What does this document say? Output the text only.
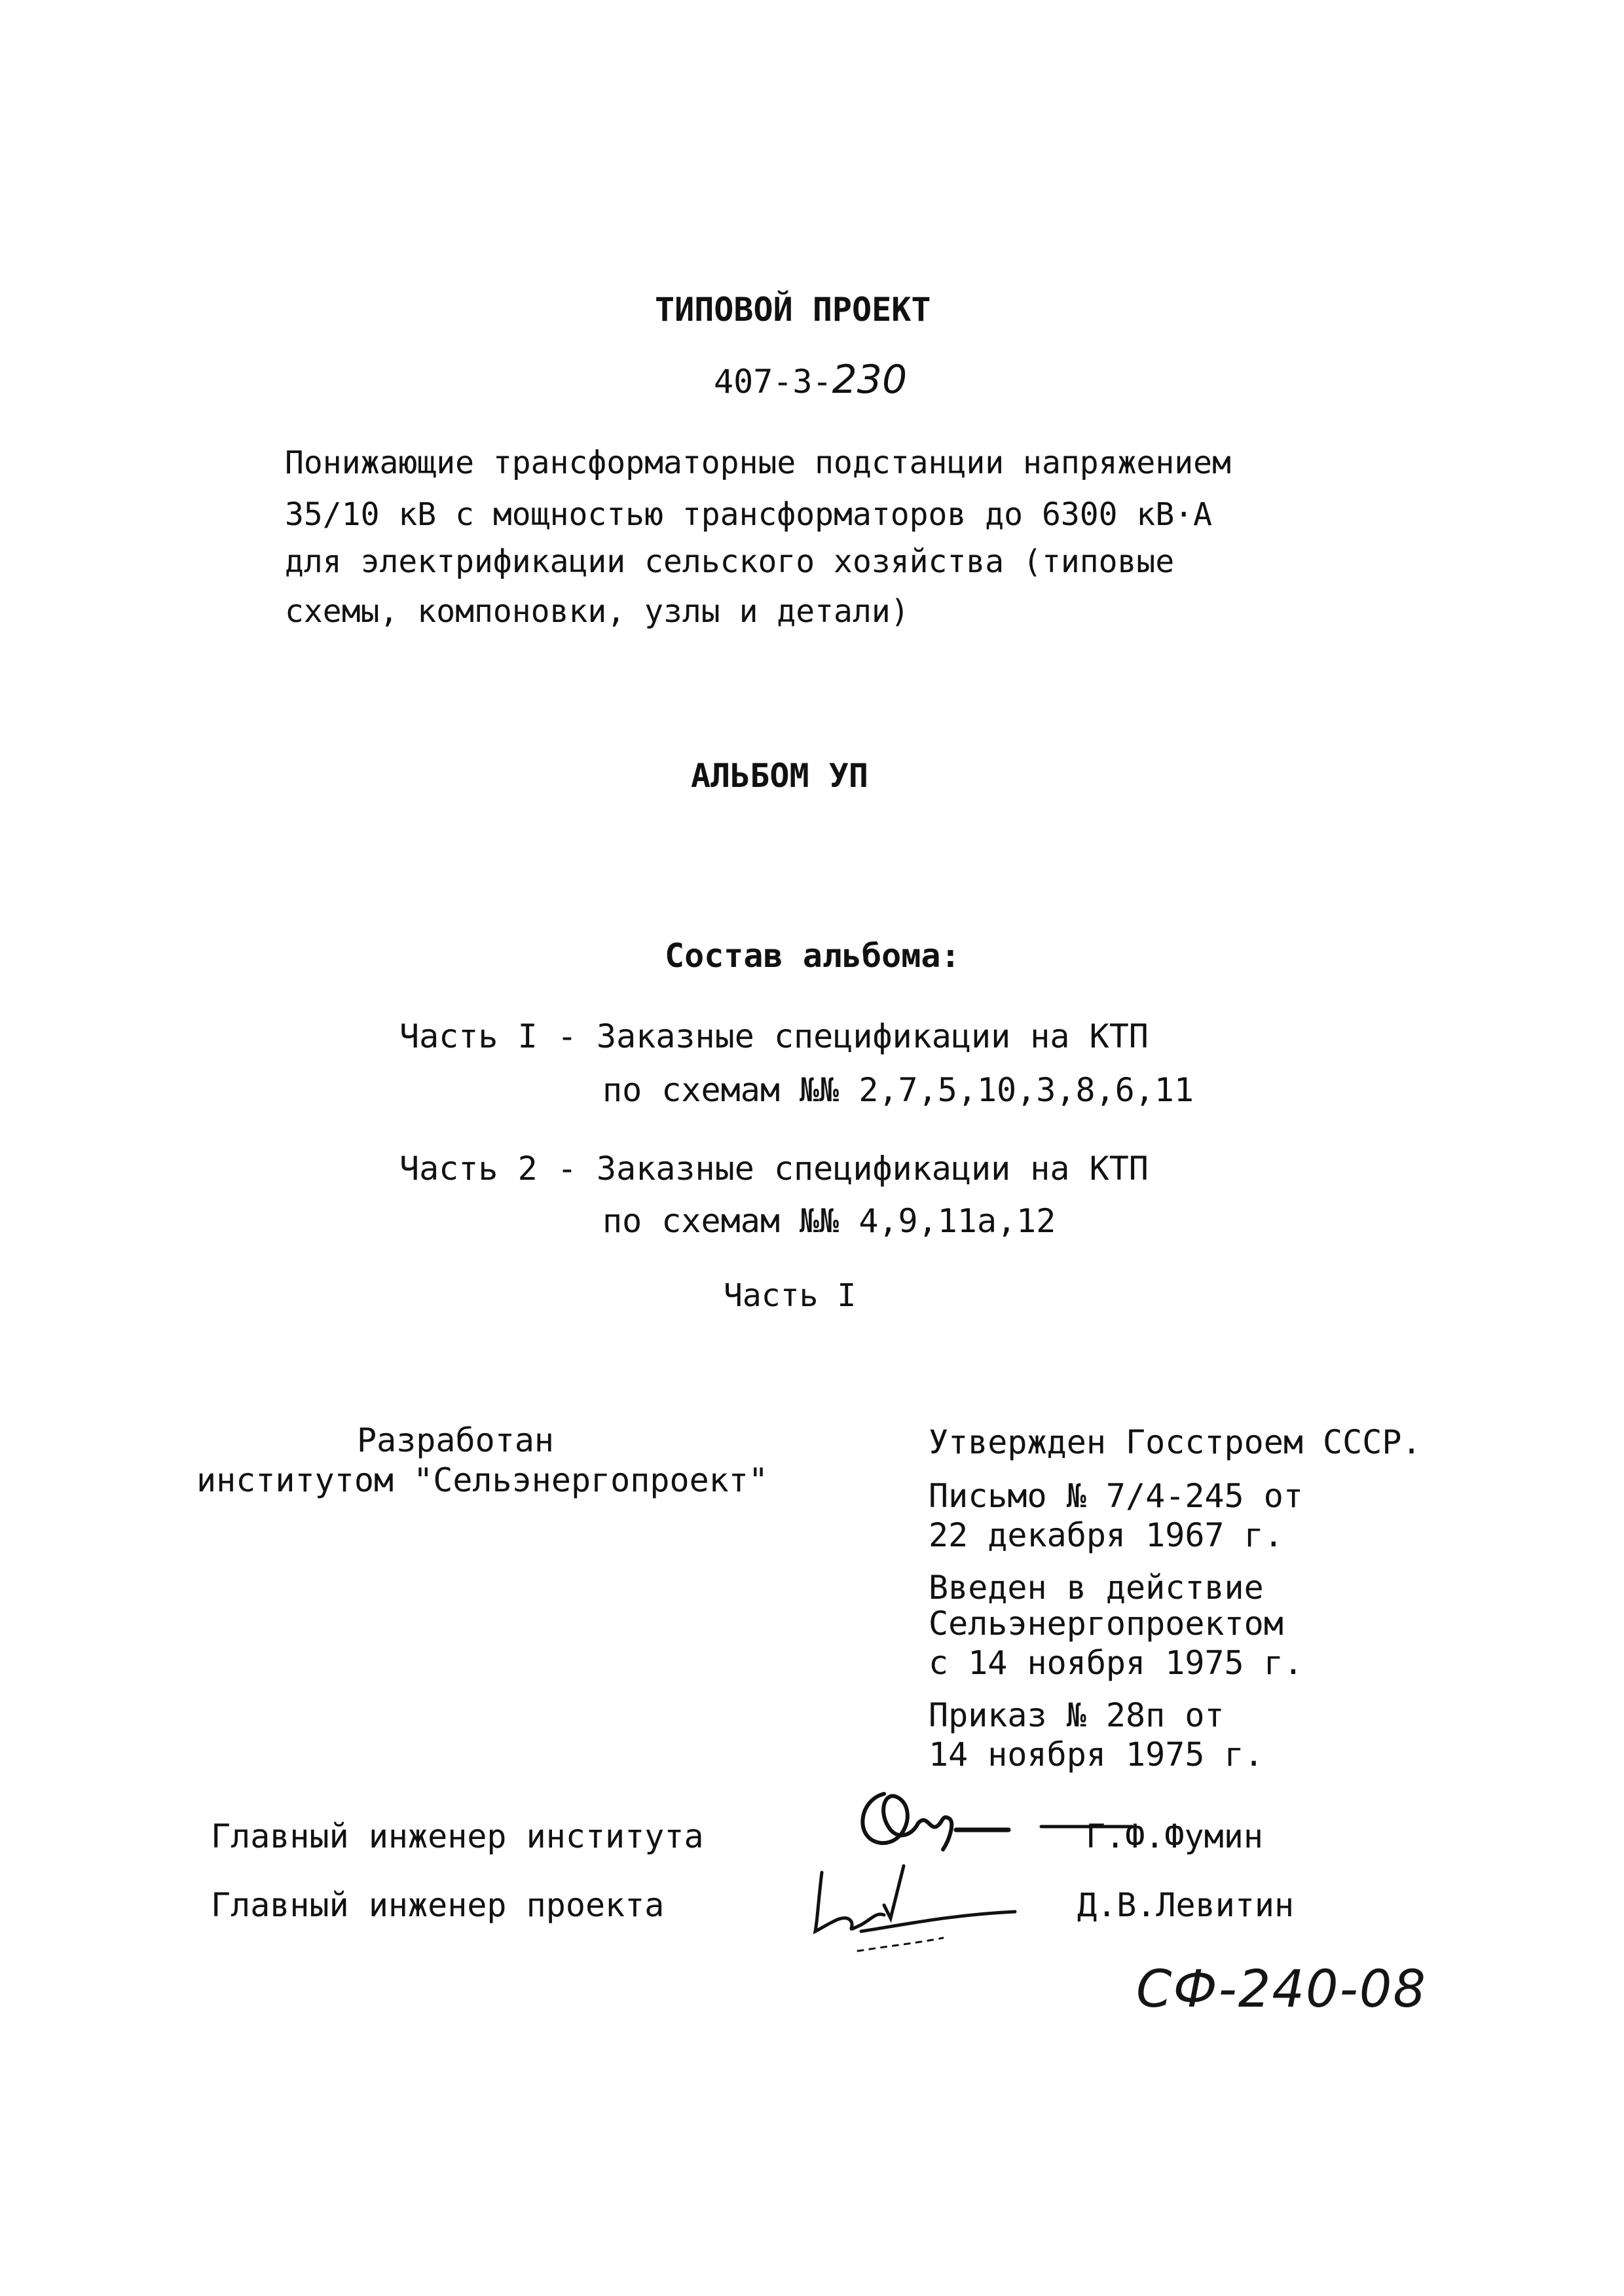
ТИПОВОЙ ПРОЕКТ
407-3-230
Понижающие трансформаторные подстанции напряжением
35/10 кВ с мощностью трансформаторов до 6300 кВ·А
для электрификации сельского хозяйства (типовые
схемы, компоновки, узлы и детали)
АЛЬБОМ УП
Состав альбома:
Часть I - Заказные спецификации на КТП
по схемам №№ 2,7,5,10,3,8,6,11
Часть 2 - Заказные спецификации на КТП
по схемам №№ 4,9,11а,12
Часть I
Разработан
институтом "Сельэнергопроект"
Утвержден Госстроем СССР.
Письмо № 7/4-245 от
22 декабря 1967 г.
Введен в действие
Сельэнергопроектом
с 14 ноября 1975 г.
Приказ № 28п от
14 ноября 1975 г.
Главный инженер института
Главный инженер проекта
Г.Ф.Фумин
Д.В.Левитин
СФ-240-08
